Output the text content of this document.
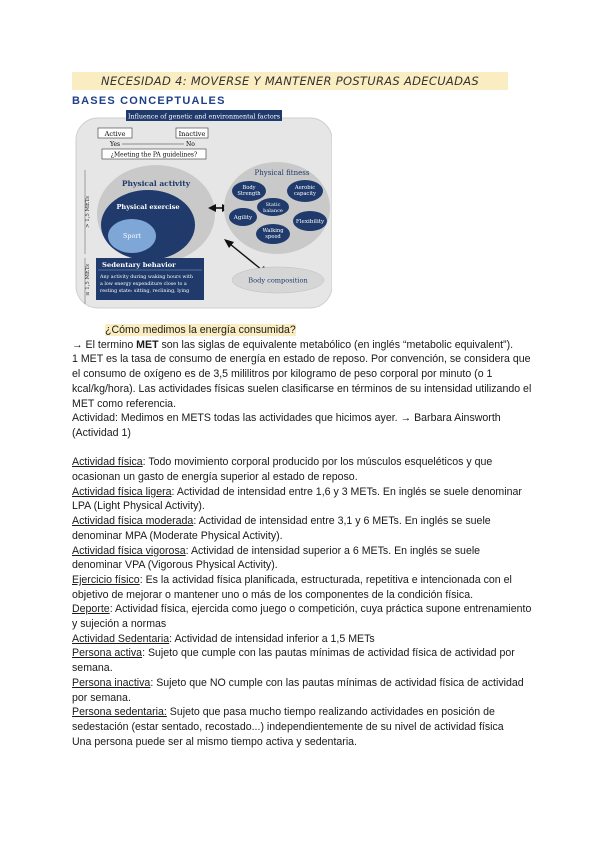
NECESIDAD 4: MOVERSE Y MANTENER POSTURAS ADECUADAS
BASES CONCEPTUALES
Influence of genetic and environmental factors
Active	Inactive
Yes	No
¿Meeting the PA guidelines?
> 1,5 METs
≤ 1,5 METs
Physical activity
Physical exercise
Sport
Physical fitness
Body
Strength
Aerobic
capacity
Static
balance
Agility
Flexibility
Walking
speed
Body composition
Sedentary behavior
Any activity during waking hours with
a low energy expenditure close to a
resting state: sitting, reclining, lying

¿Cómo medimos la energía consumida?

→ El termino MET son las siglas de equivalente metabólico (en inglés “metabolic equivalent”).

1 MET es la tasa de consumo de energía en estado de reposo. Por convención, se considera que el consumo de oxígeno es de 3,5 mililitros por kilogramo de peso corporal por minuto (o 1 kcal/kg/hora). Las actividades físicas suelen clasificarse en términos de su intensidad utilizando el MET como referencia.

Actividad: Medimos en METS todas las actividades que hicimos ayer. → Barbara Ainsworth (Actividad 1)

Actividad física: Todo movimiento corporal producido por los músculos esqueléticos y que ocasionan un gasto de energía superior al estado de reposo.

Actividad física ligera: Actividad de intensidad entre 1,6 y 3 METs. En inglés se suele denominar LPA (Light Physical Activity).

Actividad física moderada: Actividad de intensidad entre 3,1 y 6 METs. En inglés se suele denominar MPA (Moderate Physical Activity).

Actividad física vigorosa: Actividad de intensidad superior a 6 METs. En inglés se suele denominar VPA (Vigorous Physical Activity).

Ejercicio físico: Es la actividad física planificada, estructurada, repetitiva e intencionada con el objetivo de mejorar o mantener uno o más de los componentes de la condición física.

Deporte: Actividad física, ejercida como juego o competición, cuya práctica supone entrenamiento y sujeción a normas

Actividad Sedentaria: Actividad de intensidad inferior a 1,5 METs

Persona activa: Sujeto que cumple con las pautas mínimas de actividad física de actividad por semana.

Persona inactiva: Sujeto que NO cumple con las pautas mínimas de actividad física de actividad por semana.

Persona sedentaria: Sujeto que pasa mucho tiempo realizando actividades en posición de sedestación (estar sentado, recostado...) independientemente de su nivel de actividad física

Una persona puede ser al mismo tiempo activa y sedentaria.
